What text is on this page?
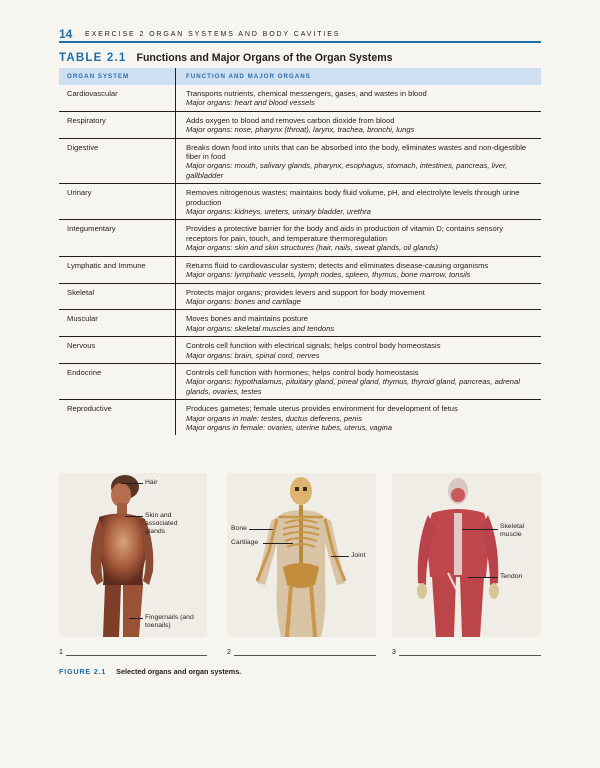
14	EXERCISE 2 ORGAN SYSTEMS AND BODY CAVITIES
TABLE 2.1 Functions and Major Organs of the Organ Systems
ORGAN SYSTEM	FUNCTION AND MAJOR ORGANS
Cardiovascular	Transports nutrients, chemical messengers, gases, and wastes in blood
Major organs: heart and blood vessels
Respiratory	Adds oxygen to blood and removes carbon dioxide from blood
Major organs: nose, pharynx (throat), larynx, trachea, bronchi, lungs
Digestive	Breaks down food into units that can be absorbed into the body, eliminates wastes and non-digestible fiber in food
Major organs: mouth, salivary glands, pharynx, esophagus, stomach, intestines, pancreas, liver, gallbladder
Urinary	Removes nitrogenous wastes; maintains body fluid volume, pH, and electrolyte levels through urine production
Major organs: kidneys, ureters, urinary bladder, urethra
Integumentary	Provides a protective barrier for the body and aids in production of vitamin D; contains sensory receptors for pain, touch, and temperature thermoregulation
Major organs: skin and skin structures (hair, nails, sweat glands, oil glands)
Lymphatic and Immune	Returns fluid to cardiovascular system; detects and eliminates disease-causing organisms
Major organs: lymphatic vessels, lymph nodes, spleen, thymus, bone marrow, tonsils
Skeletal	Protects major organs; provides levers and support for body movement
Major organs: bones and cartilage
Muscular	Moves bones and maintains posture
Major organs: skeletal muscles and tendons
Nervous	Controls cell function with electrical signals; helps control body homeostasis
Major organs: brain, spinal cord, nerves
Endocrine	Controls cell function with hormones; helps control body homeostasis
Major organs: hypothalamus, pituitary gland, pineal gland, thymus, thyroid gland, pancreas, adrenal glands, ovaries, testes
Reproductive	Produces gametes; female uterus provides environment for development of fetus
Major organs in male: testes, ductus deferens, penis
Major organs in female: ovaries, uterine tubes, uterus, vagina
Hair
Skin and associated glands
Fingernails (and toenails)
Bone
Cartilage
Joint
Skeletal muscle
Tendon
1	2	3
FIGURE 2.1 Selected organs and organ systems.
